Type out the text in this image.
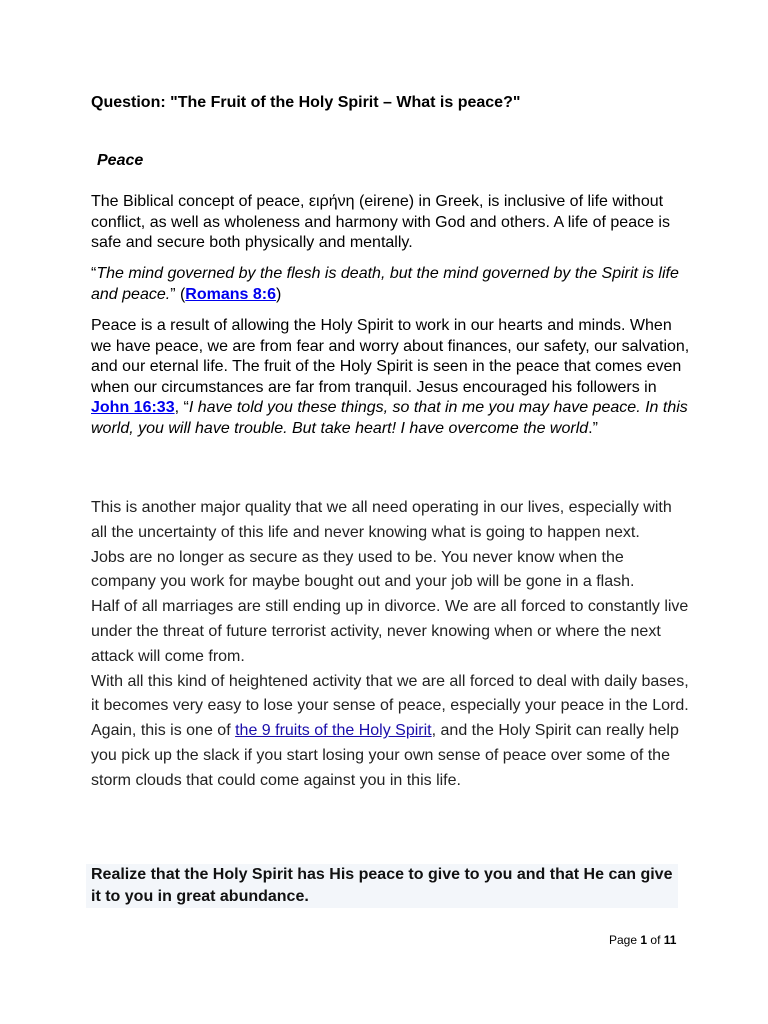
Question: "The Fruit of the Holy Spirit – What is peace?"
Peace
The Biblical concept of peace, ειρήνη (eirene) in Greek, is inclusive of life without conflict, as well as wholeness and harmony with God and others. A life of peace is safe and secure both physically and mentally.
“The mind governed by the flesh is death, but the mind governed by the Spirit is life and peace.” (Romans 8:6)
Peace is a result of allowing the Holy Spirit to work in our hearts and minds. When we have peace, we are from fear and worry about finances, our safety, our salvation, and our eternal life. The fruit of the Holy Spirit is seen in the peace that comes even when our circumstances are far from tranquil. Jesus encouraged his followers in John 16:33, “I have told you these things, so that in me you may have peace. In this world, you will have trouble. But take heart! I have overcome the world.”

This is another major quality that we all need operating in our lives, especially with all the uncertainty of this life and never knowing what is going to happen next.

Jobs are no longer as secure as they used to be. You never know when the company you work for maybe bought out and your job will be gone in a flash.

Half of all marriages are still ending up in divorce. We are all forced to constantly live under the threat of future terrorist activity, never knowing when or where the next attack will come from.

With all this kind of heightened activity that we are all forced to deal with daily bases, it becomes very easy to lose your sense of peace, especially your peace in the Lord.

Again, this is one of the 9 fruits of the Holy Spirit, and the Holy Spirit can really help you pick up the slack if you start losing your own sense of peace over some of the storm clouds that could come against you in this life.

Realize that the Holy Spirit has His peace to give to you and that He can give it to you in great abundance.
Page 1 of 11
